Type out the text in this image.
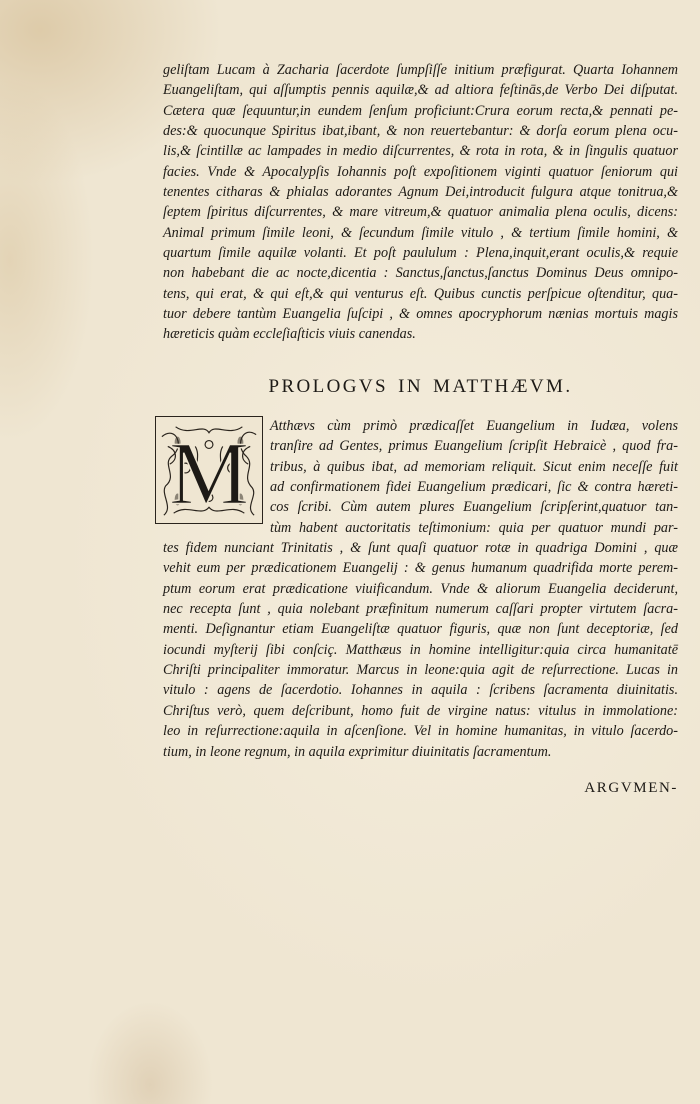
geliſtam Lucam à Zacharia ſacerdote ſumpſiſſe initium præfigurat. Quarta Iohannem
Euangeliſtam, qui aſſumptis pennis aquilæ,& ad altiora feſtinās,de Verbo Dei diſputat.
Cætera quæ ſequuntur,in eundem ſenſum proficiunt:Crura eorum recta,& pennati pe-
des:& quocunque Spiritus ibat,ibant, & non reuertebantur: & dorſa eorum plena ocu-
lis,& ſcintillæ ac lampades in medio diſcurrentes, & rota in rota, & in ſingulis quatuor
facies. Vnde & Apocalypſis Iohannis poſt expoſitionem viginti quatuor ſeniorum qui
tenentes citharas & phialas adorantes Agnum Dei,introducit fulgura atque tonitrua,&
ſeptem ſpiritus diſcurrentes, & mare vitreum,& quatuor animalia plena oculis, dicens:
Animal primum ſimile leoni, & ſecundum ſimile vitulo , & tertium ſimile homini, &
quartum ſimile aquilæ volanti. Et poſt paululum : Plena,inquit,erant oculis,& requie
non habebant die ac nocte,dicentia : Sanctus,ſanctus,ſanctus Dominus Deus omnipo-
tens, qui erat, & qui eſt,& qui venturus eſt. Quibus cunctis perſpicue oſtenditur, qua-
tuor debere tantùm Euangelia ſuſcipi , & omnes apocryphorum nænias mortuis magis
hæreticis quàm eccleſiaſticis viuis canendas.
PROLOGVS IN MATTHÆVM.
M Atthævs cùm primò prædicaſſet Euangelium in Iudæa, volens
tranſire ad Gentes, primus Euangelium ſcripſit Hebraicè , quod fra-
tribus, à quibus ibat, ad memoriam reliquit. Sicut enim neceſſe fuit
ad confirmationem fidei Euangelium prædicari, ſic & contra hæreti-
cos ſcribi. Cùm autem plures Euangelium ſcripſerint,quatuor tan-
tùm habent auctoritatis teſtimonium: quia per quatuor mundi par-
tes fidem nunciant Trinitatis , & ſunt quaſi quatuor rotæ in quadriga Domini , quæ
vehit eum per prædicationem Euangelij : & genus humanum quadrifida morte perem-
ptum eorum erat prædicatione viuificandum. Vnde & aliorum Euangelia deciderunt,
nec recepta ſunt , quia nolebant præfinitum numerum caſſari propter virtutem ſacra-
menti. Deſignantur etiam Euangeliſtæ quatuor figuris, quæ non ſunt deceptoriæ, ſed
iocundi myſterij ſibi conſciç. Matthæus in homine intelligitur:quia circa humanitatē
Chriſti principaliter immoratur. Marcus in leone:quia agit de reſurrectione. Lucas in
vitulo : agens de ſacerdotio. Iohannes in aquila : ſcribens ſacramenta diuinitatis.
Chriſtus verò, quem deſcribunt, homo fuit de virgine natus: vitulus in immolatione:
leo in reſurrectione:aquila in aſcenſione. Vel in homine humanitas, in vitulo ſacerdo-
tium, in leone regnum, in aquila exprimitur diuinitatis ſacramentum.
ARGVMEN-
